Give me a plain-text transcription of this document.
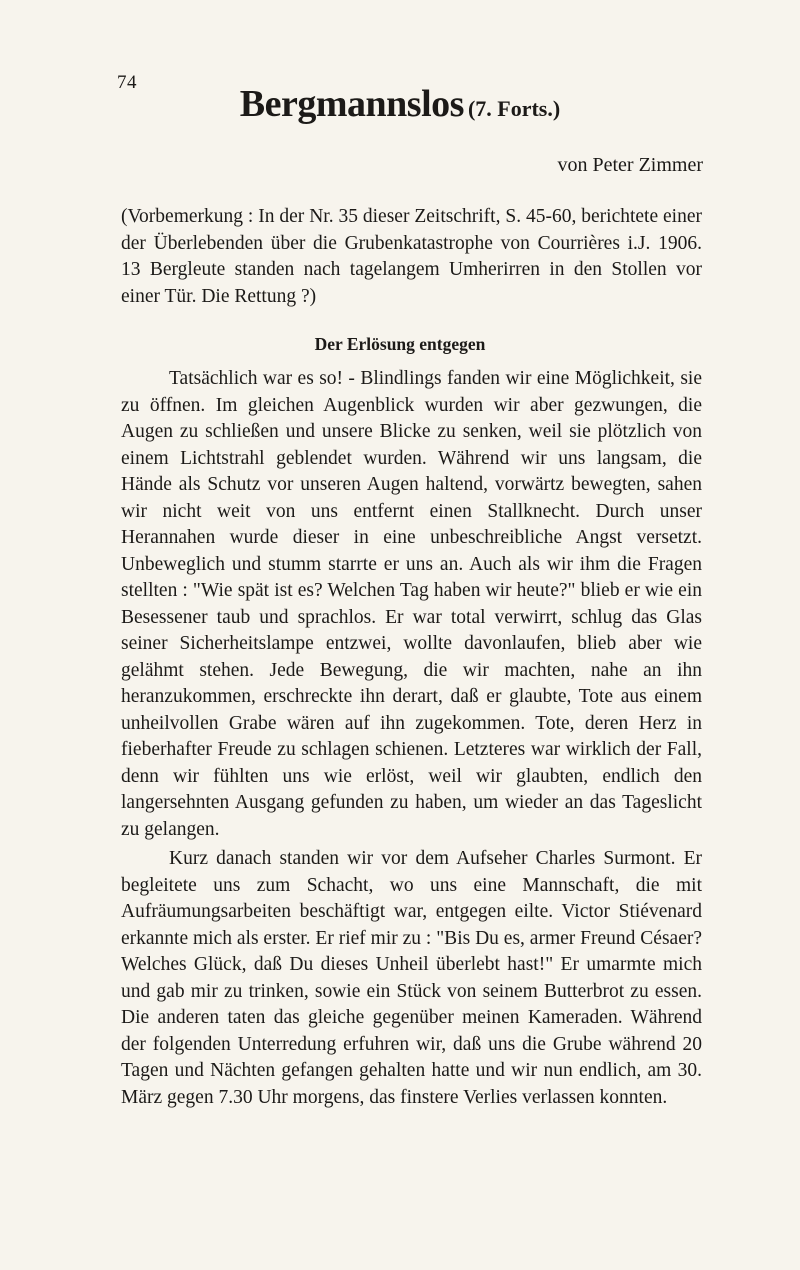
74
Bergmannslos (7. Forts.)
von Peter Zimmer

(Vorbemerkung : In der Nr. 35 dieser Zeitschrift, S. 45-60, berichtete einer der Überlebenden über die Grubenkatastrophe von Courrières i.J. 1906. 13 Bergleute standen nach tagelangem Umherirren in den Stollen vor einer Tür. Die Rettung ?)

Der Erlösung entgegen

Tatsächlich war es so! - Blindlings fanden wir eine Möglichkeit, sie zu öffnen. Im gleichen Augenblick wurden wir aber gezwungen, die Augen zu schließen und unsere Blicke zu senken, weil sie plötzlich von einem Lichtstrahl geblendet wurden. Während wir uns langsam, die Hände als Schutz vor unseren Augen haltend, vorwärtz bewegten, sahen wir nicht weit von uns entfernt einen Stallknecht. Durch unser Herannahen wurde dieser in eine unbeschreibliche Angst versetzt. Unbeweglich und stumm starrte er uns an. Auch als wir ihm die Fragen stellten : "Wie spät ist es? Welchen Tag haben wir heute?" blieb er wie ein Besessener taub und sprachlos. Er war total verwirrt, schlug das Glas seiner Sicherheitslampe entzwei, wollte davonlaufen, blieb aber wie gelähmt stehen. Jede Bewegung, die wir machten, nahe an ihn heranzukommen, erschreckte ihn derart, daß er glaubte, Tote aus einem unheilvollen Grabe wären auf ihn zugekommen. Tote, deren Herz in fieberhafter Freude zu schlagen schienen. Letzteres war wirklich der Fall, denn wir fühlten uns wie erlöst, weil wir glaubten, endlich den langersehnten Ausgang gefunden zu haben, um wieder an das Tageslicht zu gelangen.

Kurz danach standen wir vor dem Aufseher Charles Surmont. Er begleitete uns zum Schacht, wo uns eine Mannschaft, die mit Aufräumungsarbeiten beschäftigt war, entgegen eilte. Victor Stiévenard erkannte mich als erster. Er rief mir zu : "Bis Du es, armer Freund Césaer? Welches Glück, daß Du dieses Unheil überlebt hast!" Er umarmte mich und gab mir zu trinken, sowie ein Stück von seinem Butterbrot zu essen. Die anderen taten das gleiche gegenüber meinen Kameraden. Während der folgenden Unterredung erfuhren wir, daß uns die Grube während 20 Tagen und Nächten gefangen gehalten hatte und wir nun endlich, am 30. März gegen 7.30 Uhr morgens, das finstere Verlies verlassen konnten.
